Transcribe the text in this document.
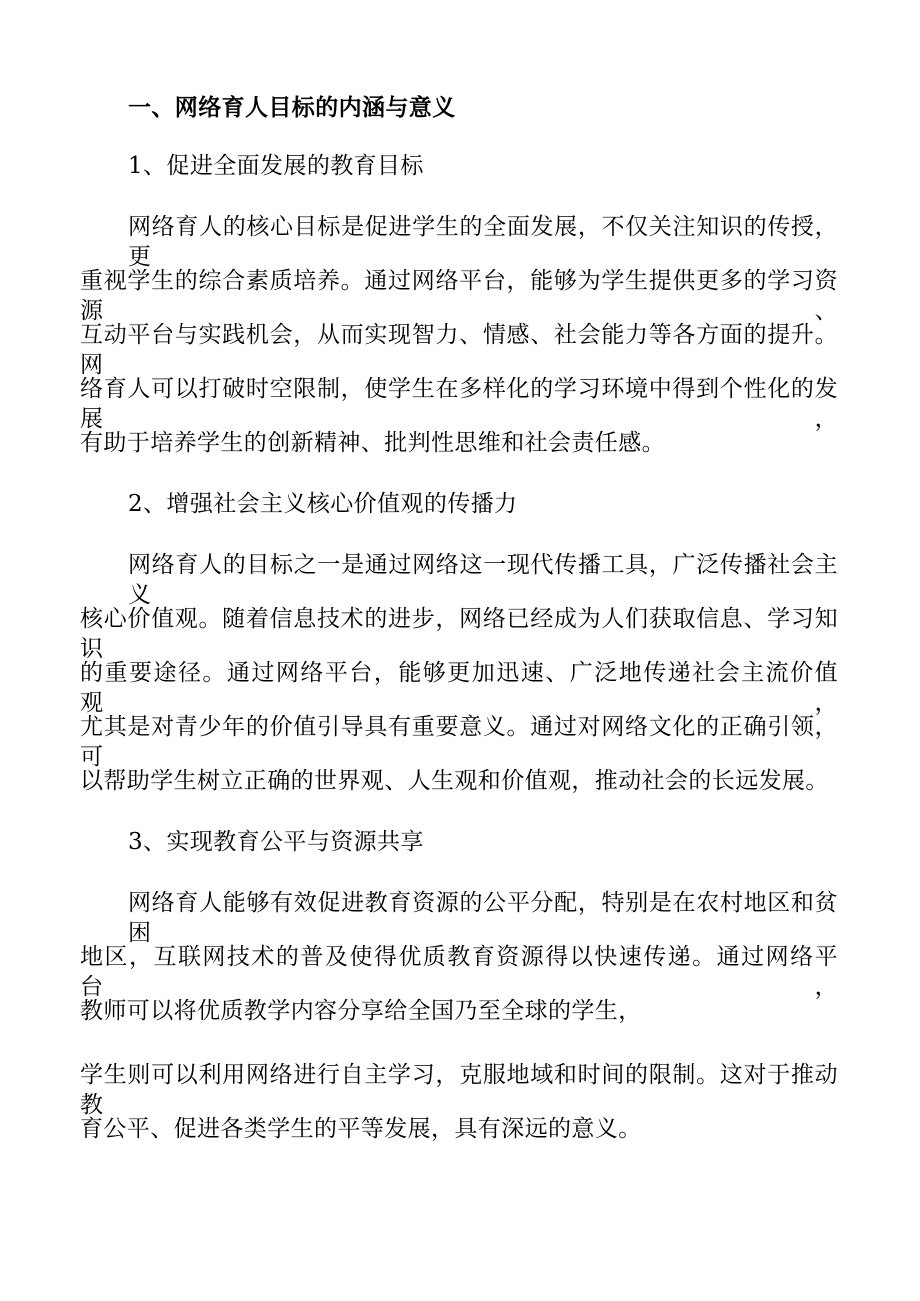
一、网络育人目标的内涵与意义
1、促进全面发展的教育目标
网络育人的核心目标是促进学生的全面发展，不仅关注知识的传授，更
重视学生的综合素质培养。通过网络平台，能够为学生提供更多的学习资源、
互动平台与实践机会，从而实现智力、情感、社会能力等各方面的提升。网
络育人可以打破时空限制，使学生在多样化的学习环境中得到个性化的发展，
有助于培养学生的创新精神、批判性思维和社会责任感。
2、增强社会主义核心价值观的传播力
网络育人的目标之一是通过网络这一现代传播工具，广泛传播社会主义
核心价值观。随着信息技术的进步，网络已经成为人们获取信息、学习知识
的重要途径。通过网络平台，能够更加迅速、广泛地传递社会主流价值观，
尤其是对青少年的价值引导具有重要意义。通过对网络文化的正确引领，可
以帮助学生树立正确的世界观、人生观和价值观，推动社会的长远发展。
3、实现教育公平与资源共享
网络育人能够有效促进教育资源的公平分配，特别是在农村地区和贫困
地区，互联网技术的普及使得优质教育资源得以快速传递。通过网络平台，
教师可以将优质教学内容分享给全国乃至全球的学生，
学生则可以利用网络进行自主学习，克服地域和时间的限制。这对于推动教
育公平、促进各类学生的平等发展，具有深远的意义。
